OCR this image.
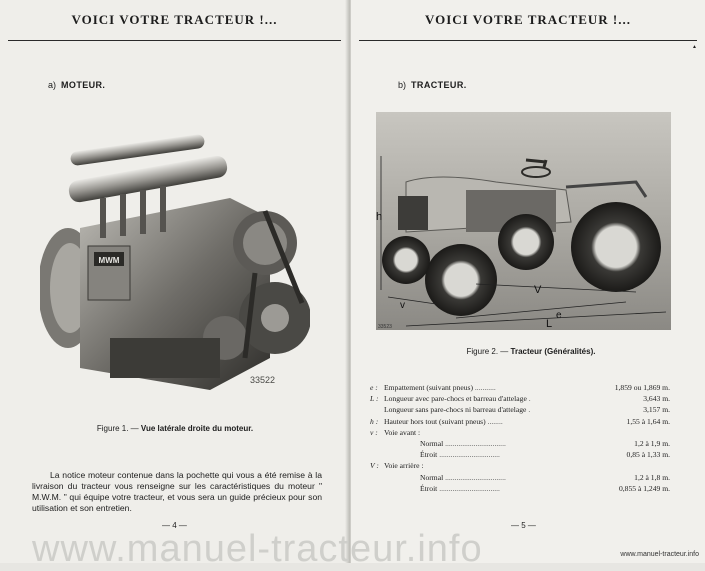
VOICI VOTRE TRACTEUR !...
a) MOTEUR.
MWM
33522
Figure 1. — Vue latérale droite du moteur.

La notice moteur contenue dans la pochette qui vous a été remise à la livraison du tracteur vous renseigne sur les caractéristiques du moteur " M.W.M. " qui équipe votre tracteur, et vous sera un guide précieux pour son utilisation et son entretien.

— 4 —
VOICI VOTRE TRACTEUR !...
▲
b) TRACTEUR.
Figure 2. — Tracteur (Généralités).
— 5 —
h
v
V
e
L
33523
e : Empattement (suivant pneus) ...........	1,859 ou 1,869 m.
L : Longueur avec pare-chocs et barreau d'attelage .	3,643 m.
Longueur sans pare-chocs ni barreau d'attelage .	3,157 m.
h : Hauteur hors tout (suivant pneus) ........	1,55 à 1,64 m.
v : Voie avant :
Normal ................................	1,2 à 1,9 m.
Étroit ................................	0,85 à 1,33 m.
V : Voie arrière :
Normal ................................	1,2 à 1,8 m.
Étroit ................................	0,855 à 1,249 m.
www.manuel-tracteur.info	www.manuel-tracteur.info
